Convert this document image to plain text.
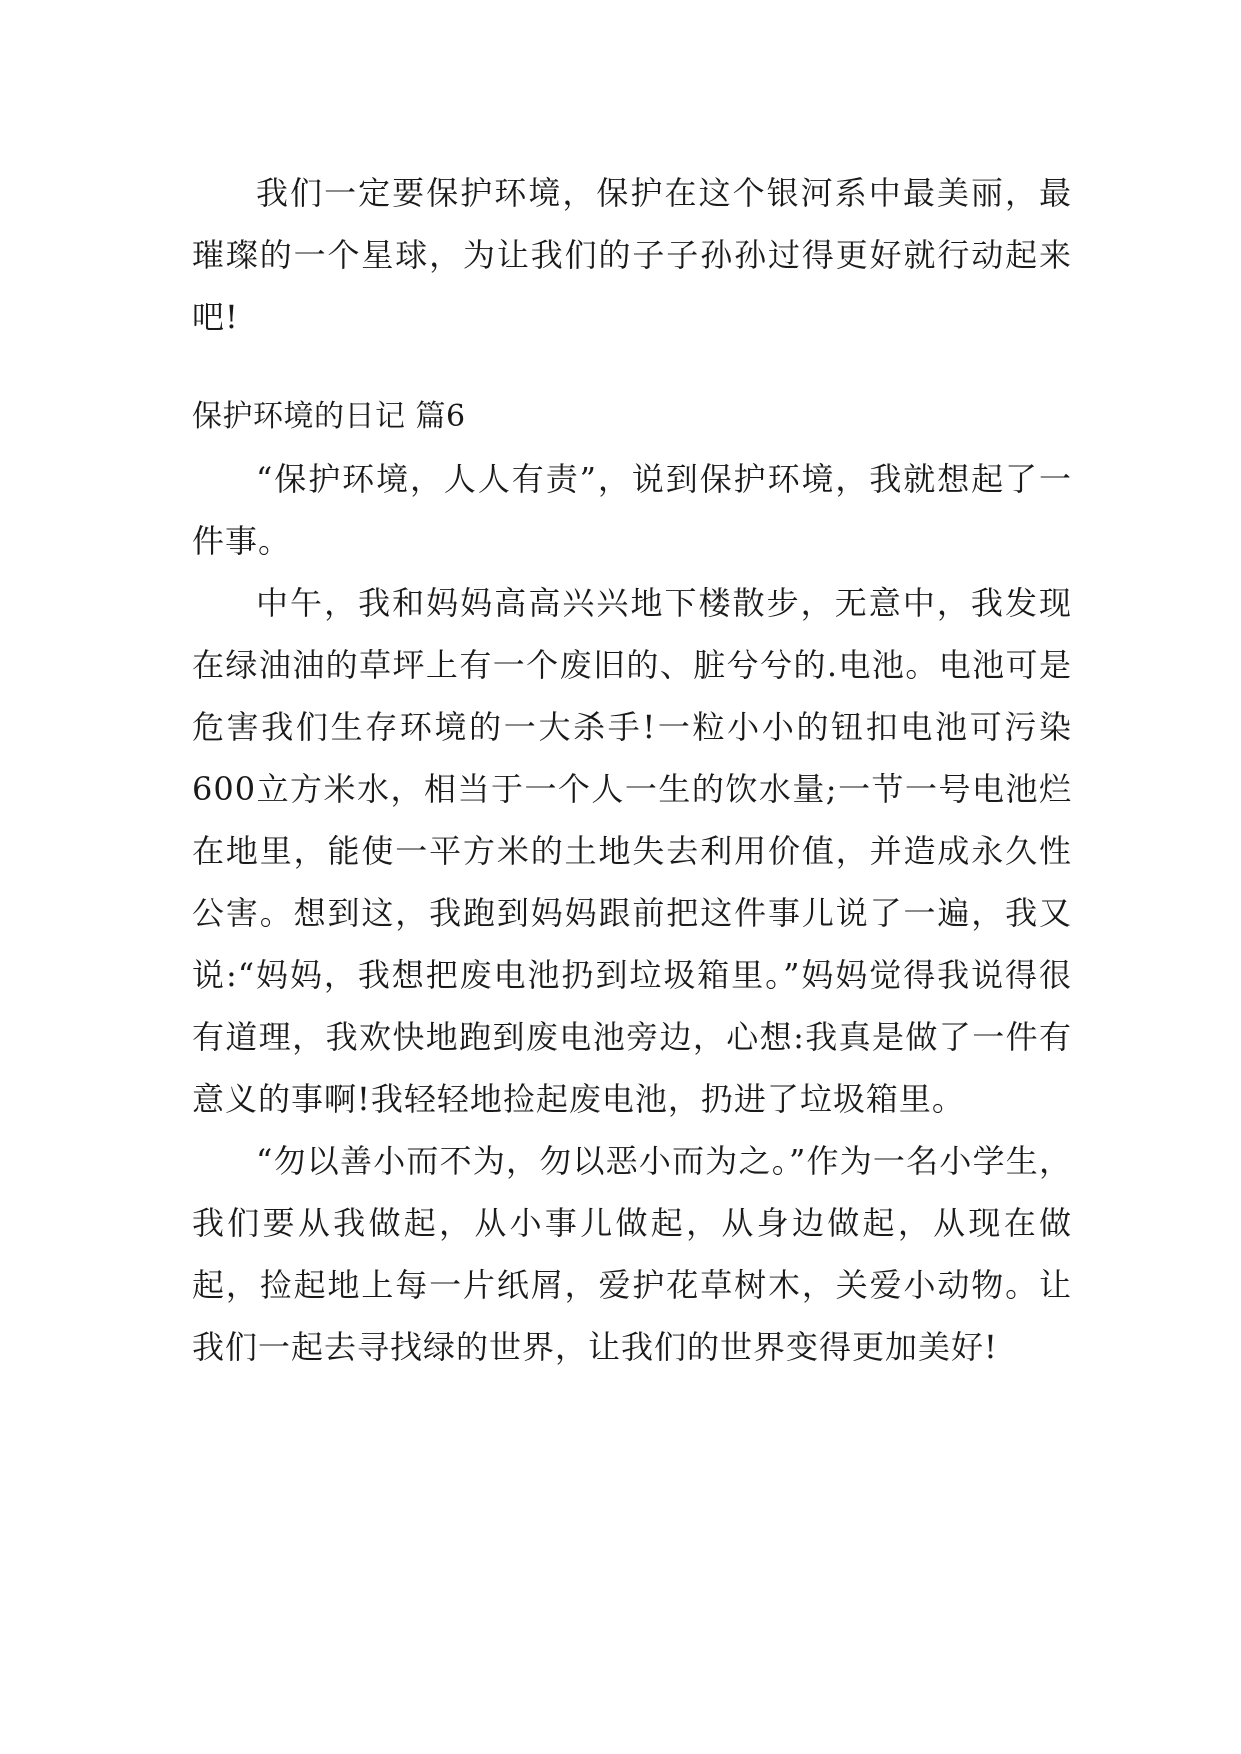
我们一定要保护环境，保护在这个银河系中最美丽，最璀璨的一个星球，为让我们的子子孙孙过得更好就行动起来吧!

保护环境的日记 篇6

“保护环境，人人有责”，说到保护环境，我就想起了一件事。

中午，我和妈妈高高兴兴地下楼散步，无意中，我发现在绿油油的草坪上有一个废旧的、脏兮兮的.电池。电池可是危害我们生存环境的一大杀手!一粒小小的钮扣电池可污染600立方米水，相当于一个人一生的饮水量;一节一号电池烂在地里，能使一平方米的土地失去利用价值，并造成永久性公害。想到这，我跑到妈妈跟前把这件事儿说了一遍，我又说:“妈妈，我想把废电池扔到垃圾箱里。”妈妈觉得我说得很有道理，我欢快地跑到废电池旁边，心想:我真是做了一件有意义的事啊!我轻轻地捡起废电池，扔进了垃圾箱里。

“勿以善小而不为，勿以恶小而为之。”作为一名小学生，我们要从我做起，从小事儿做起，从身边做起，从现在做起，捡起地上每一片纸屑，爱护花草树木，关爱小动物。让我们一起去寻找绿的世界，让我们的世界变得更加美好!
